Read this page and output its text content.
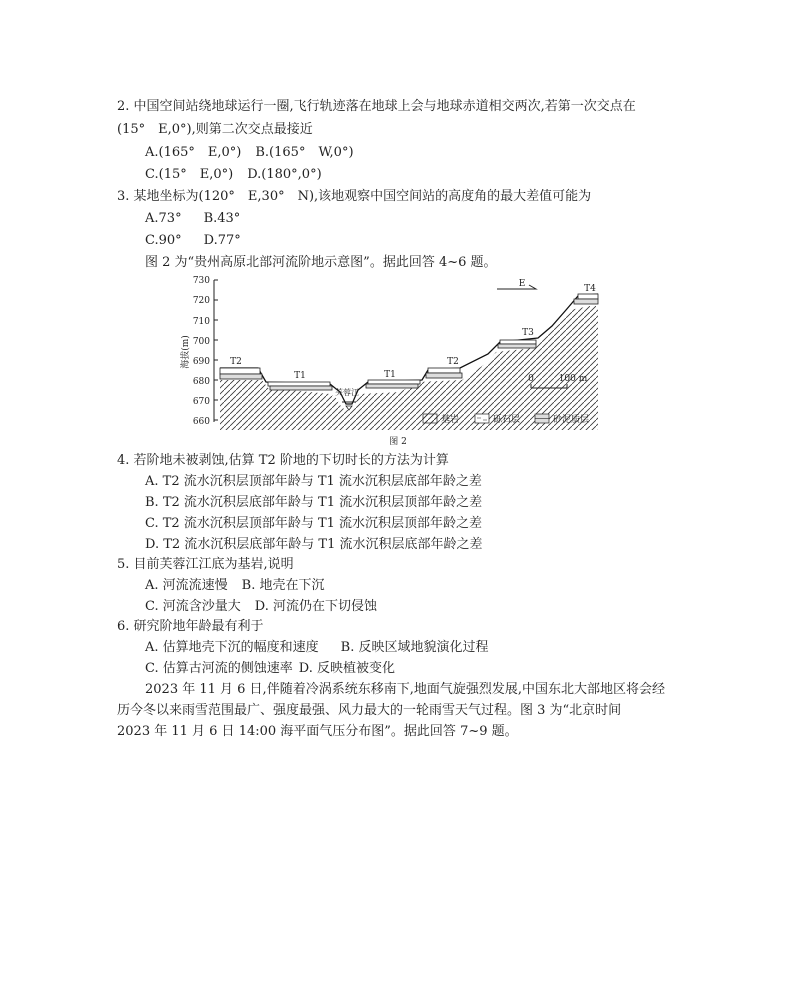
2. 中国空间站绕地球运行一圈,飞行轨迹落在地球上会与地球赤道相交两次,若第一次交点在
(15°　E,0°),则第二次交点最接近
A.(165°　E,0°) B.(165°　W,0°)
C.(15°　E,0°) D.(180°,0°)
3. 某地坐标为(120°　E,30°　N),该地观察中国空间站的高度角的最大差值可能为
A.73° B.43°
C.90° D.77°
图 2 为“贵州高原北部河流阶地示意图”。据此回答 4~6 题。
730
720
710
700
690
680
670
660
海拔(m)	T2
T1	T1
T2
T3
T4
芙蓉江
E
0	100 m
基岩	砾石层	砂泥质层
图 2
4. 若阶地未被剥蚀,估算 T2 阶地的下切时长的方法为计算
A. T2 流水沉积层顶部年龄与 T1 流水沉积层底部年龄之差
B. T2 流水沉积层底部年龄与 T1 流水沉积层顶部年龄之差
C. T2 流水沉积层顶部年龄与 T1 流水沉积层顶部年龄之差
D. T2 流水沉积层底部年龄与 T1 流水沉积层底部年龄之差
5. 目前芙蓉江江底为基岩,说明
A. 河流流速慢 B. 地壳在下沉
C. 河流含沙量大 D. 河流仍在下切侵蚀
6. 研究阶地年龄最有利于
A. 估算地壳下沉的幅度和速度 B. 反映区域地貌演化过程
C. 估算古河流的侧蚀速率 D. 反映植被变化
2023 年 11 月 6 日,伴随着冷涡系统东移南下,地面气旋强烈发展,中国东北大部地区将会经
历今冬以来雨雪范围最广、强度最强、风力最大的一轮雨雪天气过程。图 3 为“北京时间
2023 年 11 月 6 日 14:00 海平面气压分布图”。据此回答 7~9 题。
